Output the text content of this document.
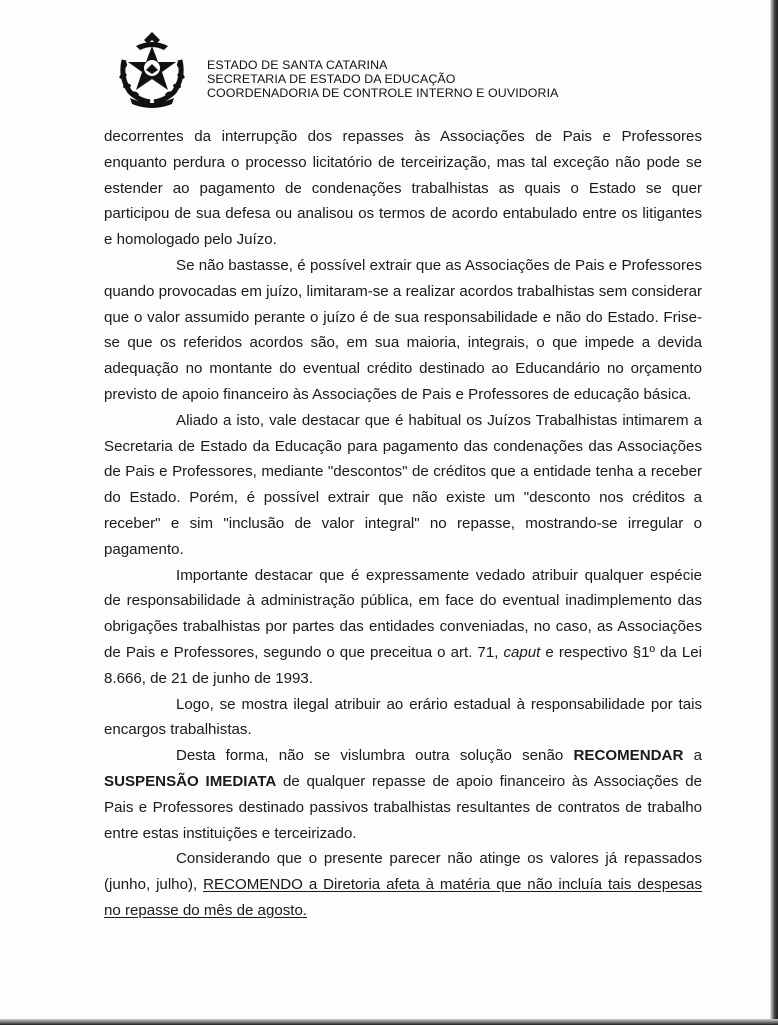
ESTADO DE SANTA CATARINA
SECRETARIA DE ESTADO DA EDUCAÇÃO
COORDENADORIA DE CONTROLE INTERNO E OUVIDORIA

decorrentes da interrupção dos repasses às Associações de Pais e Professores enquanto perdura o processo licitatório de terceirização, mas tal exceção não pode se estender ao pagamento de condenações trabalhistas as quais o Estado se quer participou de sua defesa ou analisou os termos de acordo entabulado entre os litigantes e homologado pelo Juízo.

Se não bastasse, é possível extrair que as Associações de Pais e Professores quando provocadas em juízo, limitaram-se a realizar acordos trabalhistas sem considerar que o valor assumido perante o juízo é de sua responsabilidade e não do Estado. Frise-se que os referidos acordos são, em sua maioria, integrais, o que impede a devida adequação no montante do eventual crédito destinado ao Educandário no orçamento previsto de apoio financeiro às Associações de Pais e Professores de educação básica.

Aliado a isto, vale destacar que é habitual os Juízos Trabalhistas intimarem a Secretaria de Estado da Educação para pagamento das condenações das Associações de Pais e Professores, mediante "descontos" de créditos que a entidade tenha a receber do Estado. Porém, é possível extrair que não existe um "desconto nos créditos a receber" e sim "inclusão de valor integral" no repasse, mostrando-se irregular o pagamento.

Importante destacar que é expressamente vedado atribuir qualquer espécie de responsabilidade à administração pública, em face do eventual inadimplemento das obrigações trabalhistas por partes das entidades conveniadas, no caso, as Associações de Pais e Professores, segundo o que preceitua o art. 71, caput e respectivo §1º da Lei 8.666, de 21 de junho de 1993.

Logo, se mostra ilegal atribuir ao erário estadual à responsabilidade por tais encargos trabalhistas.

Desta forma, não se vislumbra outra solução senão RECOMENDAR a SUSPENSÃO IMEDIATA de qualquer repasse de apoio financeiro às Associações de Pais e Professores destinado passivos trabalhistas resultantes de contratos de trabalho entre estas instituições e terceirizado.

Considerando que o presente parecer não atinge os valores já repassados (junho, julho), RECOMENDO a Diretoria afeta à matéria que não incluía tais despesas no repasse do mês de agosto.
